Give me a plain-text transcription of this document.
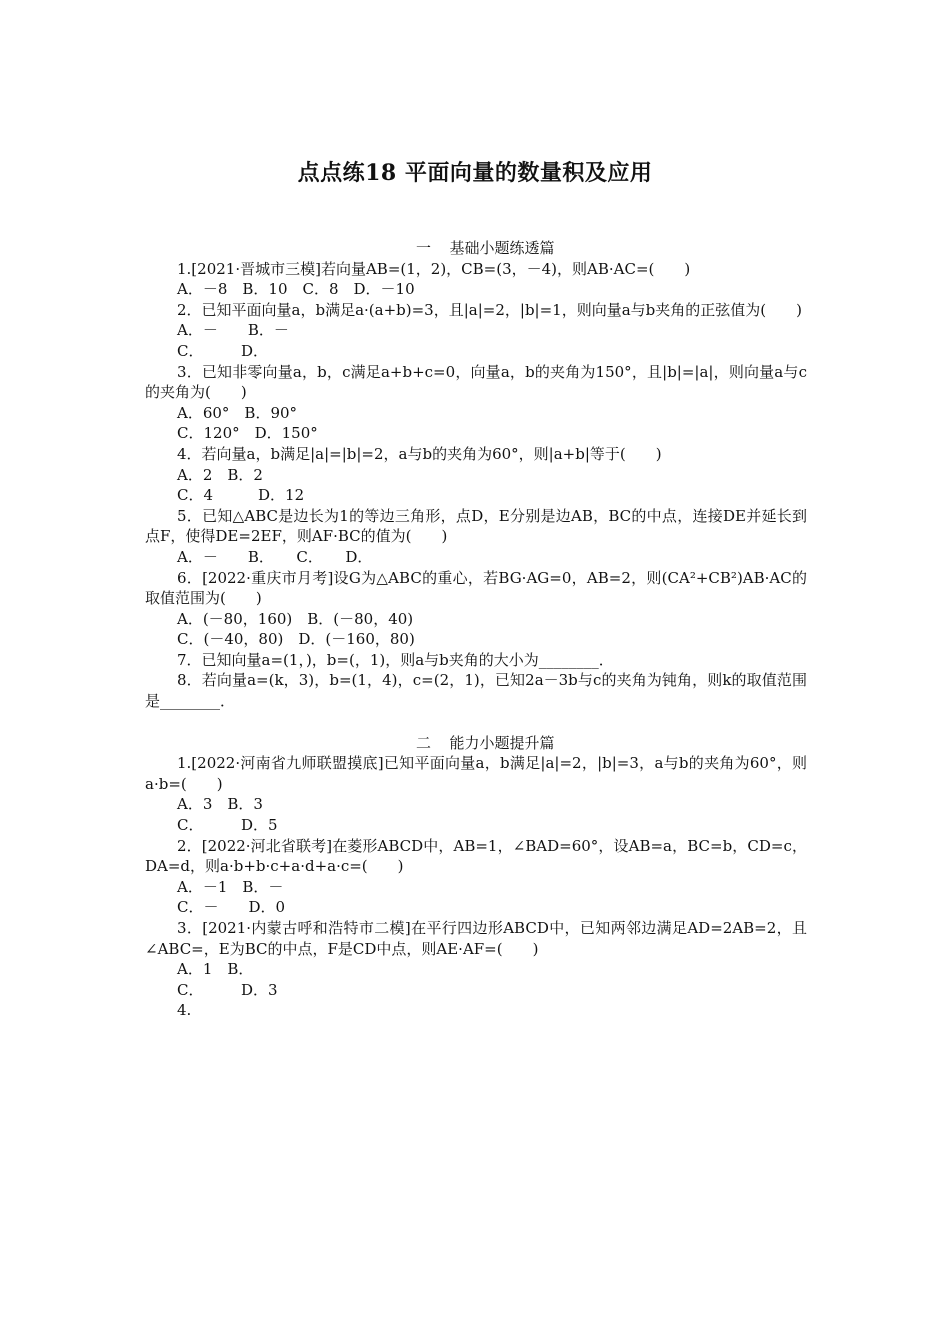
点点练18 平面向量的数量积及应用
一 基础小题练透篇
1.[2021·晋城市三模]若向量AB=(1，2)，CB=(3，－4)，则AB·AC=(　　)
A．－8　B．10　C．8　D．－10
2．已知平面向量a，b满足a·(a+b)=3，且|a|=2，|b|=1，则向量a与b夹角的正弦值为(　　)
A．－　　B．－
C．　　　D．
3．已知非零向量a，b，c满足a+b+c=0，向量a，b的夹角为150°，且|b|=|a|，则向量a与c的夹角为(　　)
A．60°　B．90°
C．120°　D．150°
4．若向量a，b满足|a|=|b|=2，a与b的夹角为60°，则|a+b|等于(　　)
A．2　B．2
C．4　　　D．12
5．已知△ABC是边长为1的等边三角形，点D，E分别是边AB，BC的中点，连接DE并延长到点F，使得DE=2EF，则AF·BC的值为(　　)
A．－　　B．　　C．　　D．
6．[2022·重庆市月考]设G为△ABC的重心，若BG·AG=0，AB=2，则(CA²+CB²)AB·AC的取值范围为(　　)
A．(－80，160)　B．(－80，40)
C．(－40，80)　D．(－160，80)
7．已知向量a=(1，)，b=(，1)，则a与b夹角的大小为________．
8．若向量a=(k，3)，b=(1，4)，c=(2，1)，已知2a－3b与c的夹角为钝角，则k的取值范围是________．
二 能力小题提升篇
1.[2022·河南省九师联盟摸底]已知平面向量a，b满足|a|=2，|b|=3，a与b的夹角为60°，则a·b=(　　)
A．3　B．3
C．　　　D．5
2．[2022·河北省联考]在菱形ABCD中，AB=1，∠BAD=60°，设AB=a，BC=b，CD=c，DA=d，则a·b+b·c+a·d+a·c=(　　)
A．－1　B．－
C．－　　D．0
3．[2021·内蒙古呼和浩特市二模]在平行四边形ABCD中，已知两邻边满足AD=2AB=2，且∠ABC=，E为BC的中点，F是CD中点，则AE·AF=(　　)
A．1　B．
C．　　　D．3
4.
